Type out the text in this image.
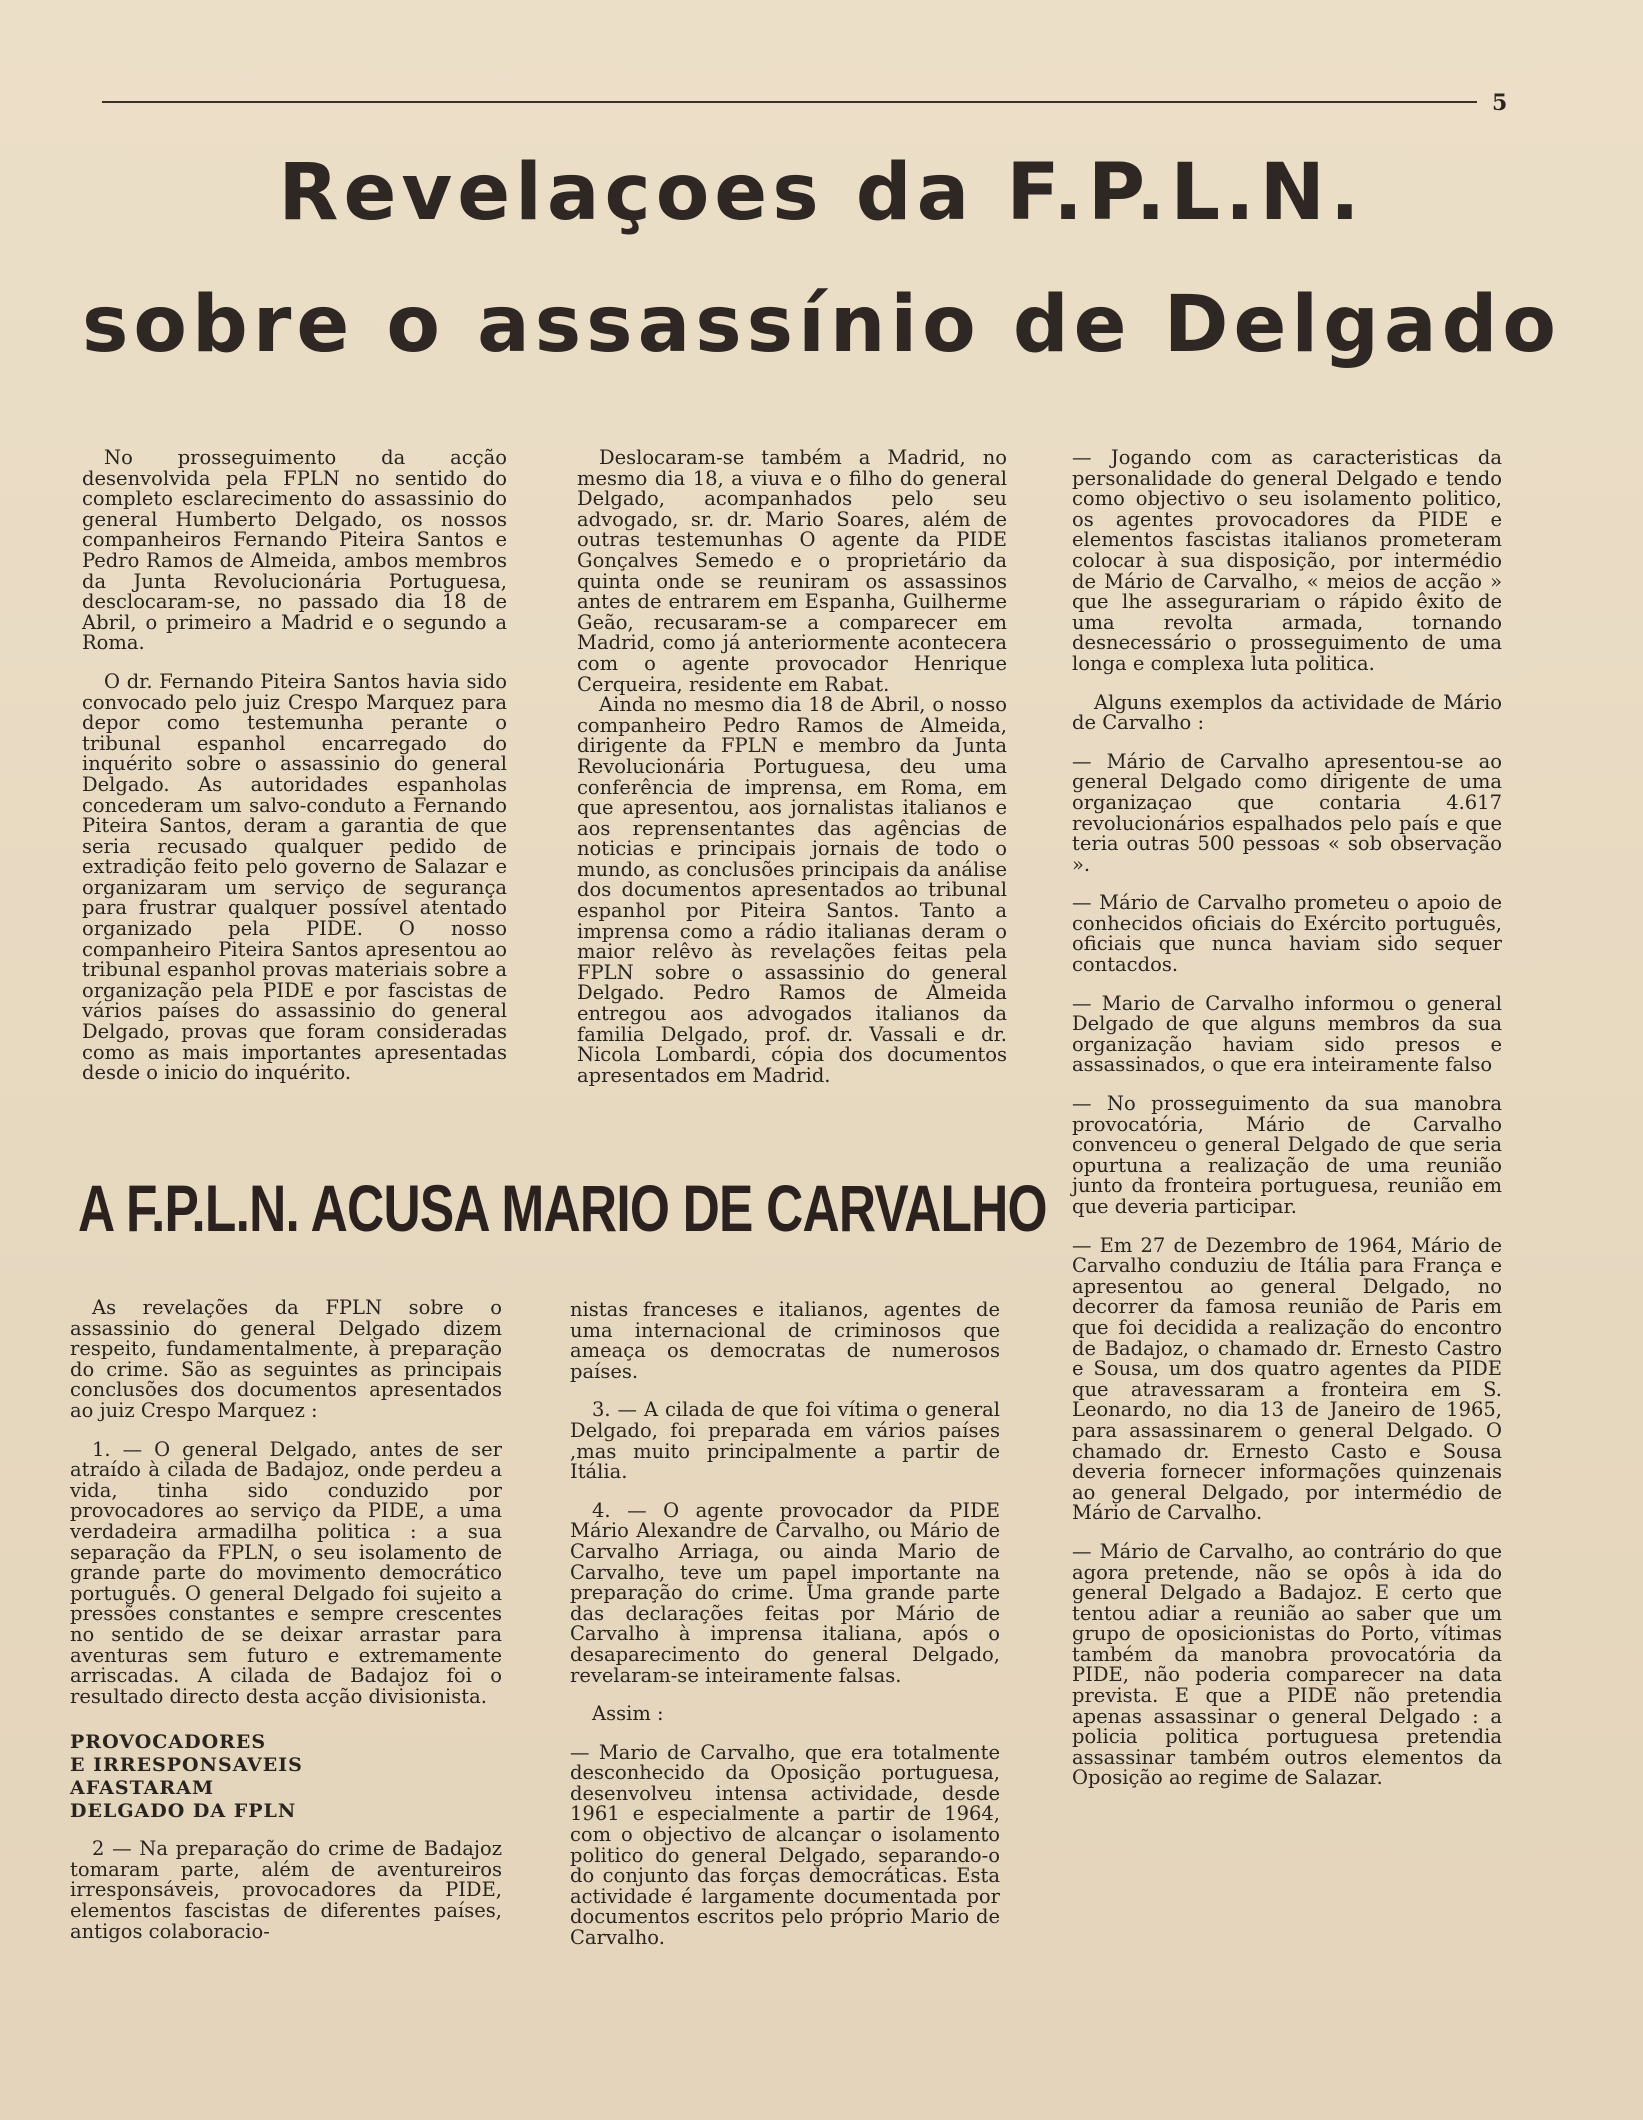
5
Revelaçoes da F.P.L.N.
sobre o assassínio de Delgado

No prosseguimento da acção desenvolvida pela FPLN no sentido do completo esclarecimento do assassinio do general Humberto Delgado, os nossos companheiros Fernando Piteira Santos e Pedro Ramos de Almeida, ambos membros da Junta Revolucionária Portuguesa, desclocaram-se, no passado dia 18 de Abril, o primeiro a Madrid e o segundo a Roma.

O dr. Fernando Piteira Santos havia sido convocado pelo juiz Crespo Marquez para depor como testemunha perante o tribunal espanhol encarregado do inquérito sobre o assassinio do general Delgado. As autoridades espanholas concederam um salvo-conduto a Fernando Piteira Santos, deram a garantia de que seria recusado qualquer pedido de extradição feito pelo governo de Salazar e organizaram um serviço de segurança para frustrar qualquer possível atentado organizado pela PIDE. O nosso companheiro Piteira Santos apresentou ao tribunal espanhol provas materiais sobre a organização pela PIDE e por fascistas de vários países do assassinio do general Delgado, provas que foram consideradas como as mais importantes apresentadas desde o inicio do inquérito.

Deslocaram-se também a Madrid, no mesmo dia 18, a viuva e o filho do general Delgado, acompanhados pelo seu advogado, sr. dr. Mario Soares, além de outras testemunhas O agente da PIDE Gonçalves Semedo e o proprietário da quinta onde se reuniram os assassinos antes de entrarem em Espanha, Guilherme Geão, recusaram-se a comparecer em Madrid, como já anteriormente acontecera com o agente provocador Henrique Cerqueira, residente em Rabat.

Ainda no mesmo dia 18 de Abril, o nosso companheiro Pedro Ramos de Almeida, dirigente da FPLN e membro da Junta Revolucionária Portuguesa, deu uma conferência de imprensa, em Roma, em que apresentou, aos jornalistas italianos e aos reprensentantes das agências de noticias e principais jornais de todo o mundo, as conclusões principais da análise dos documentos apresentados ao tribunal espanhol por Piteira Santos. Tanto a imprensa como a rádio italianas deram o maior relêvo às revelações feitas pela FPLN sobre o assassinio do general Delgado. Pedro Ramos de Almeida entregou aos advogados italianos da familia Delgado, prof. dr. Vassali e dr. Nicola Lombardi, cópia dos documentos apresentados em Madrid.

— Jogando com as caracteristicas da personalidade do general Delgado e tendo como objectivo o seu isolamento politico, os agentes provocadores da PIDE e elementos fascistas italianos prometeram colocar à sua disposição, por intermédio de Mário de Carvalho, « meios de acção » que lhe assegurariam o rápido êxito de uma revolta armada, tornando desnecessário o prosseguimento de uma longa e complexa luta politica.

Alguns exemplos da actividade de Mário de Carvalho :

— Mário de Carvalho apresentou-se ao general Delgado como dirigente de uma organizaçao que contaria 4.617 revolucionários espalhados pelo país e que teria outras 500 pessoas « sob observação ».

— Mário de Carvalho prometeu o apoio de conhecidos oficiais do Exército português, oficiais que nunca haviam sido sequer contacdos.

— Mario de Carvalho informou o general Delgado de que alguns membros da sua organização haviam sido presos e assassinados, o que era inteiramente falso

— No prosseguimento da sua manobra provocatória, Mário de Carvalho convenceu o general Delgado de que seria opurtuna a realização de uma reunião junto da fronteira portuguesa, reunião em que deveria participar.

— Em 27 de Dezembro de 1964, Mário de Carvalho conduziu de Itália para França e apresentou ao general Delgado, no decorrer da famosa reunião de Paris em que foi decidida a realização do encontro de Badajoz, o chamado dr. Ernesto Castro e Sousa, um dos quatro agentes da PIDE que atravessaram a fronteira em S. Leonardo, no dia 13 de Janeiro de 1965, para assassinarem o general Delgado. O chamado dr. Ernesto Casto e Sousa deveria fornecer informações quinzenais ao general Delgado, por intermédio de Mário de Carvalho.

— Mário de Carvalho, ao contrário do que agora pretende, não se opôs à ida do general Delgado a Badajoz. E certo que tentou adiar a reunião ao saber que um grupo de oposicionistas do Porto, vítimas também da manobra provocatória da PIDE, não poderia comparecer na data prevista. E que a PIDE não pretendia apenas assassinar o general Delgado : a policia politica portuguesa pretendia assassinar também outros elementos da Oposição ao regime de Salazar.

A F.P.L.N. ACUSA MARIO DE CARVALHO

As revelações da FPLN sobre o assassinio do general Delgado dizem respeito, fundamentalmente, à preparação do crime. São as seguintes as principais conclusões dos documentos apresentados ao juiz Crespo Marquez :

1. — O general Delgado, antes de ser atraído à cilada de Badajoz, onde perdeu a vida, tinha sido conduzido por provocadores ao serviço da PIDE, a uma verdadeira armadilha politica : a sua separação da FPLN, o seu isolamento de grande parte do movimento democrático português. O general Delgado foi sujeito a pressões constantes e sempre crescentes no sentido de se deixar arrastar para aventuras sem futuro e extremamente arriscadas. A cilada de Badajoz foi o resultado directo desta acção divisionista.

PROVOCADORES
E IRRESPONSAVEIS
AFASTARAM
DELGADO DA FPLN

2 — Na preparação do crime de Badajoz tomaram parte, além de aventureiros irresponsáveis, provocadores da PIDE, elementos fascistas de diferentes países, antigos colaboracio-

nistas franceses e italianos, agentes de uma internacional de criminosos que ameaça os democratas de numerosos países.

3. — A cilada de que foi vítima o general Delgado, foi preparada em vários países ,mas muito principalmente a partir de Itália.

4. — O agente provocador da PIDE Mário Alexandre de Carvalho, ou Mário de Carvalho Arriaga, ou ainda Mario de Carvalho, teve um papel importante na preparação do crime. Uma grande parte das declarações feitas por Mário de Carvalho à imprensa italiana, após o desaparecimento do general Delgado, revelaram-se inteiramente falsas.

Assim :

— Mario de Carvalho, que era totalmente desconhecido da Oposição portuguesa, desenvolveu intensa actividade, desde 1961 e especialmente a partir de 1964, com o objectivo de alcançar o isolamento politico do general Delgado, separando-o do conjunto das forças democráticas. Esta actividade é largamente documentada por documentos escritos pelo próprio Mario de Carvalho.
